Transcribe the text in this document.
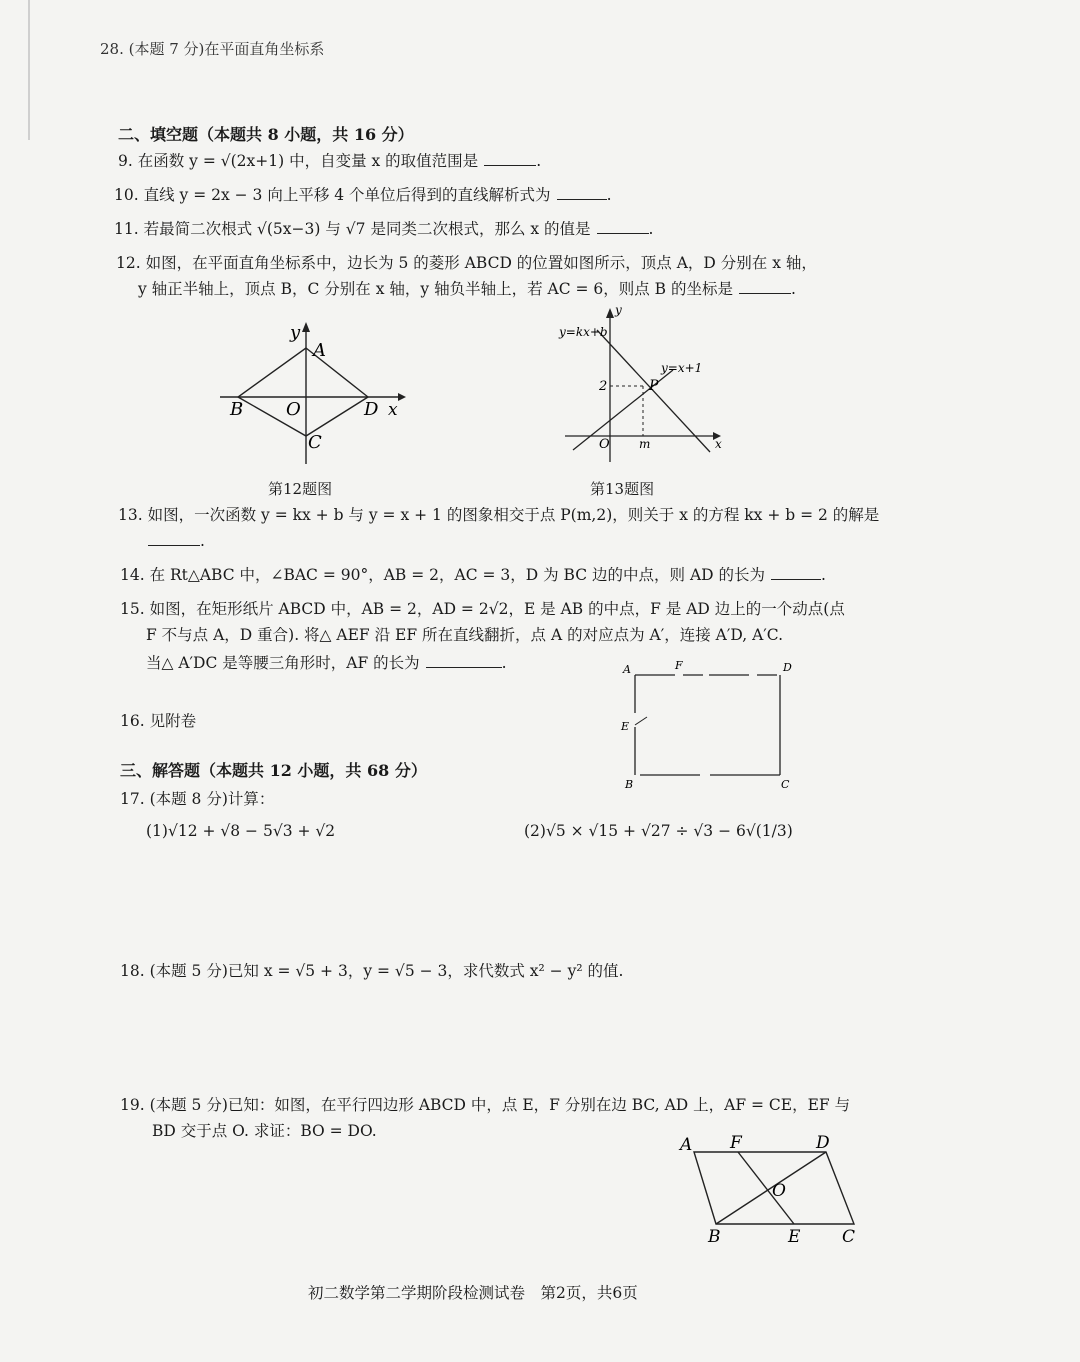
28. (本题 7 分)在平面直角坐标系
二、填空题（本题共 8 小题，共 16 分）
9. 在函数 y = √(2x+1) 中，自变量 x 的取值范围是	.
10. 直线 y = 2x − 3 向上平移 4 个单位后得到的直线解析式为	.
11. 若最简二次根式 √(5x−3) 与 √7 是同类二次根式，那么 x 的值是	.
12. 如图，在平面直角坐标系中，边长为 5 的菱形 ABCD 的位置如图所示，顶点 A，D 分别在 x 轴，
y 轴正半轴上，顶点 B，C 分别在 x 轴，y 轴负半轴上，若 AC = 6，则点 B 的坐标是	.
y
A
B O	D x
C
第12题图
y
y=kx+b
y=x+1
2	P
O m	x
第13题图
13. 如图，一次函数 y = kx + b 与 y = x + 1 的图象相交于点 P(m,2)，则关于 x 的方程 kx + b = 2 的解是
.
14. 在 Rt△ABC 中，∠BAC = 90°，AB = 2，AC = 3，D 为 BC 边的中点，则 AD 的长为	.
15. 如图，在矩形纸片 ABCD 中，AB = 2，AD = 2√2，E 是 AB 的中点，F 是 AD 边上的一个动点(点
F 不与点 A，D 重合). 将△ AEF 沿 EF 所在直线翻折，点 A 的对应点为 A′，连接 A′D, A′C.
当△ A′DC 是等腰三角形时，AF 的长为	.	A	F	D
E
B	C
16. 见附卷
三、解答题（本题共 12 小题，共 68 分）
17. (本题 8 分)计算：
(1)√12 + √8 − 5√3 + √2	(2)√5 × √15 + √27 ÷ √3 − 6√(1/3)
18. (本题 5 分)已知 x = √5 + 3，y = √5 − 3，求代数式 x² − y² 的值.
19. (本题 5 分)已知：如图，在平行四边形 ABCD 中，点 E，F 分别在边 BC, AD 上，AF = CE，EF 与
BD 交于点 O. 求证：BO = DO.
A F	D
O
B	E C
初二数学第二学期阶段检测试卷　第2页，共6页
